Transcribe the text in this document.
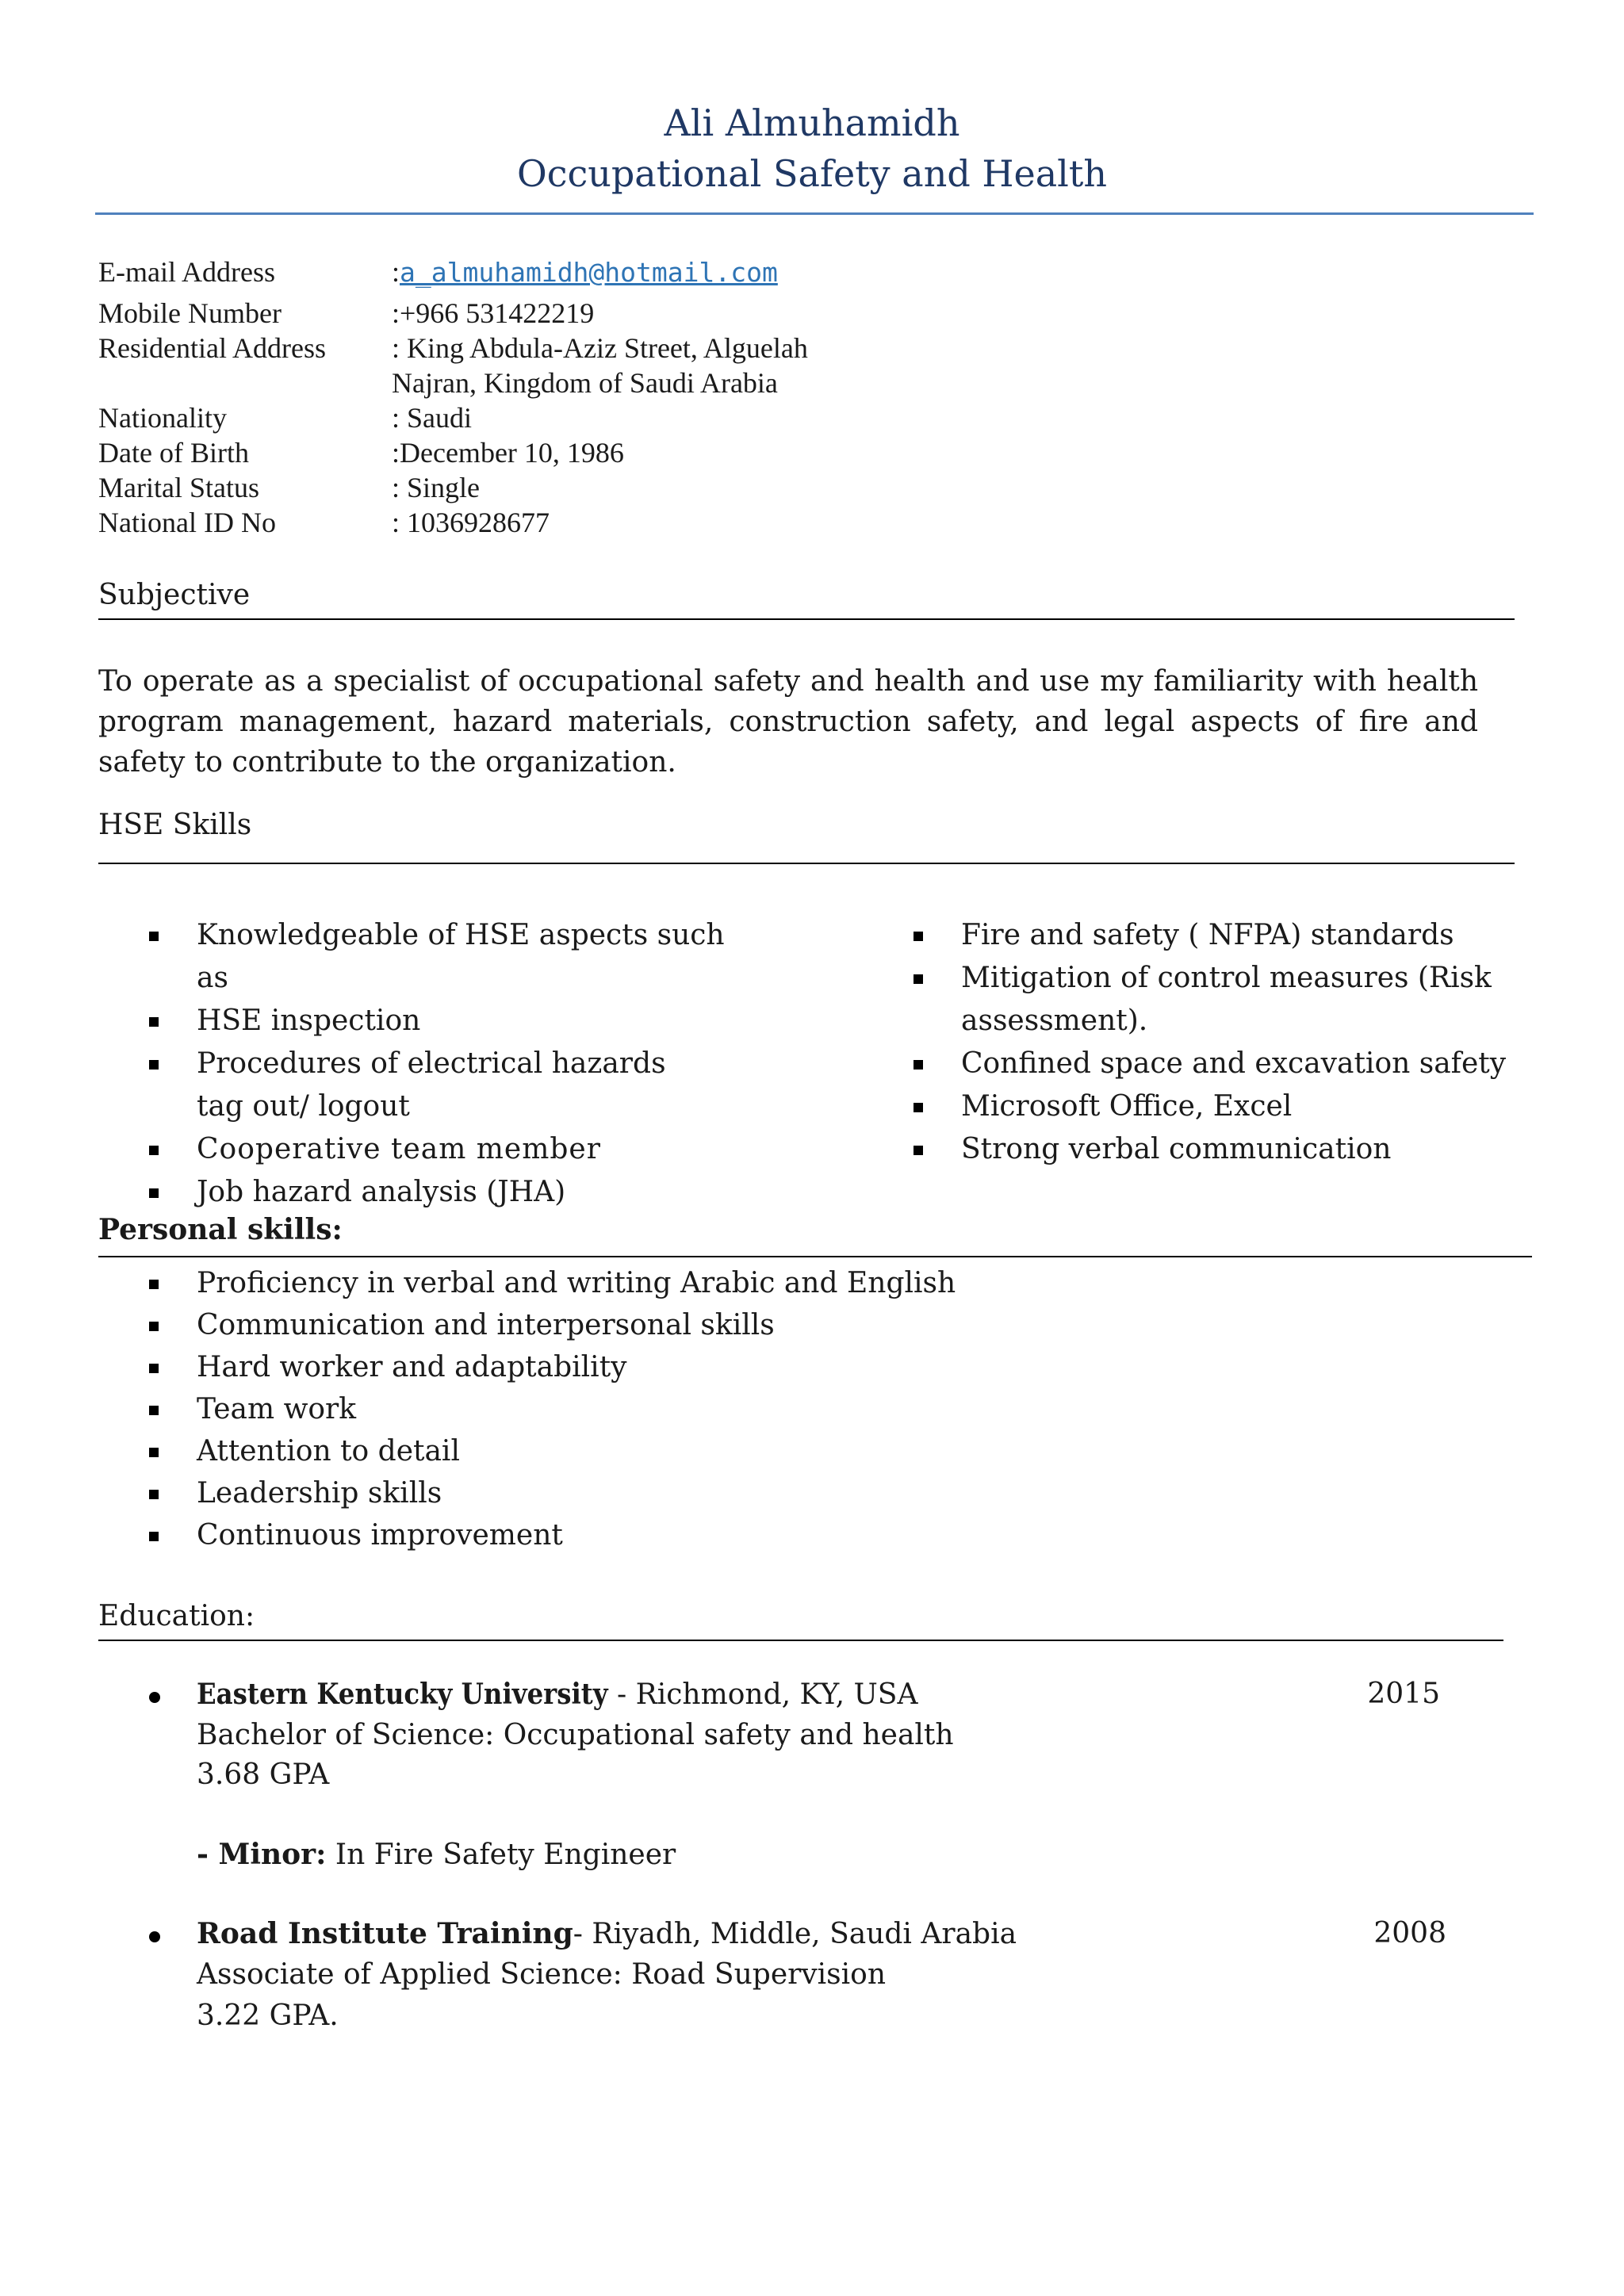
Ali Almuhamidh
Occupational Safety and Health
E-mail Address	:a_almuhamidh@hotmail.com
Mobile Number	:+966 531422219
Residential Address : King Abdula-Aziz Street, Alguelah
Najran, Kingdom of Saudi Arabia
Nationality	: Saudi
Date of Birth	:December 10, 1986
Marital Status	: Single
National ID No	: 1036928677
Subjective
To operate as a specialist of occupational safety and health and use my familiarity with health program management, hazard materials, construction safety, and legal aspects of fire and safety to contribute to the organization.
HSE Skills
Knowledgeable of HSE aspects such as
HSE inspection
Procedures of electrical hazards tag out/ logout
Cooperative team member
Job hazard analysis (JHA)
Fire and safety ( NFPA) standards
Mitigation of control measures (Risk assessment).
Confined space and excavation safety
Microsoft Office, Excel
Strong verbal communication
Personal skills:
Proficiency in verbal and writing Arabic and English
Communication and interpersonal skills
Hard worker and adaptability
Team work
Attention to detail
Leadership skills
Continuous improvement
Education:
Eastern Kentucky University - Richmond, KY, USA	2015
Bachelor of Science: Occupational safety and health
3.68 GPA
- Minor: In Fire Safety Engineer
Road Institute Training- Riyadh, Middle, Saudi Arabia	2008
Associate of Applied Science: Road Supervision
3.22 GPA.
